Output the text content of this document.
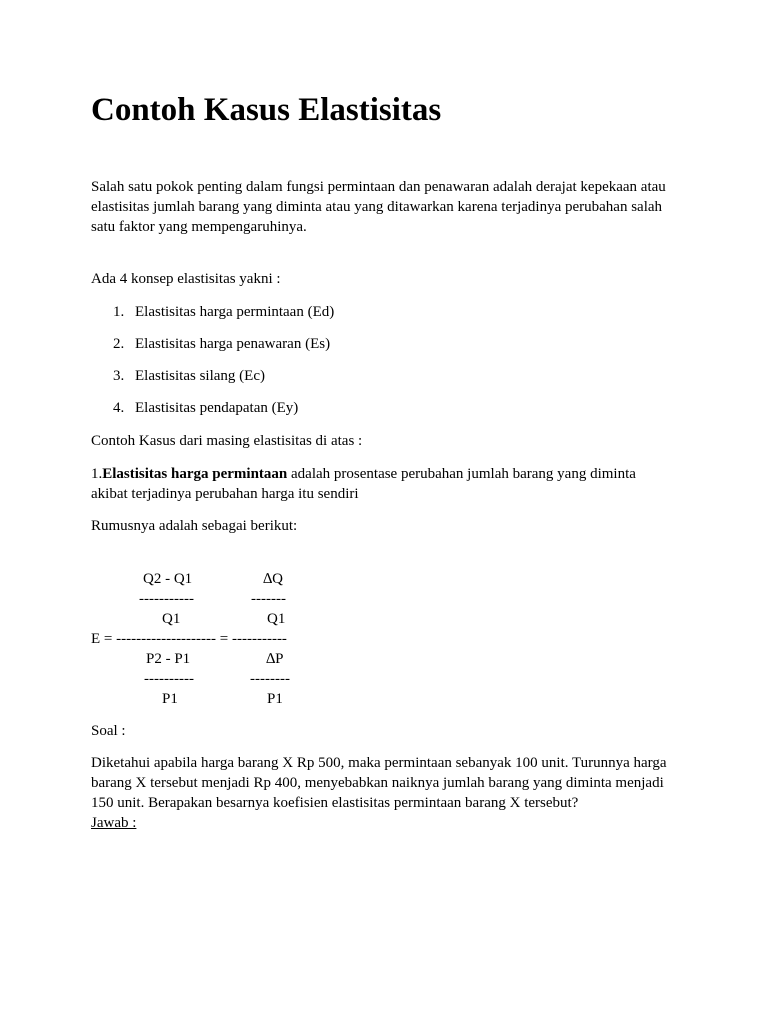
Contoh Kasus Elastisitas

Salah satu pokok penting dalam fungsi permintaan dan penawaran adalah derajat kepekaan atau
elastisitas jumlah barang yang diminta atau yang ditawarkan karena terjadinya perubahan salah
satu faktor yang mempengaruhinya.

Ada 4 konsep elastisitas yakni :

1. Elastisitas harga permintaan (Ed)
2. Elastisitas harga penawaran (Es)
3. Elastisitas silang (Ec)
4. Elastisitas pendapatan (Ey)

Contoh Kasus dari masing elastisitas di atas :

1.Elastisitas harga permintaan adalah prosentase perubahan jumlah barang yang diminta
akibat terjadinya perubahan harga itu sendiri

Rumusnya adalah sebagai berikut:

Q2 - Q1	∆Q
-----------	-------
Q1	Q1
E = -------------------- = -----------
P2 - P1	∆P
----------	--------
P1	P1

Soal :

Diketahui apabila harga barang X Rp 500, maka permintaan sebanyak 100 unit. Turunnya harga
barang X tersebut menjadi Rp 400, menyebabkan naiknya jumlah barang yang diminta menjadi
150 unit. Berapakan besarnya koefisien elastisitas permintaan barang X tersebut?
Jawab :
